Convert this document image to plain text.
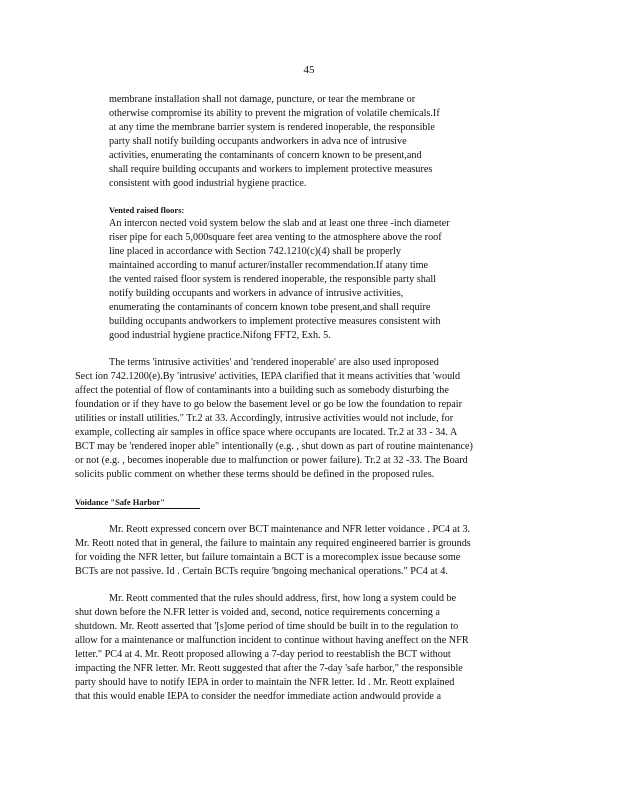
45
membrane installation shall not damage, puncture, or tear the membrane or
otherwise compromise its ability to prevent the migration of volatile chemicals.If
at any time the membrane barrier system is rendered inoperable, the responsible
party shall notify building occupants andworkers in adva nce of intrusive
activities, enumerating the contaminants of concern known to be present,and
shall require building occupants and workers to implement protective measures
consistent with good industrial hygiene practice.
Vented raised floors:
An intercon nected void system below the slab and at least one three -inch diameter
riser pipe for each 5,000square feet area venting to the atmosphere above the roof
line placed in accordance with Section 742.1210(c)(4) shall be properly
maintained according to manuf acturer/installer recommendation.If atany time
the vented raised floor system is rendered inoperable, the responsible party shall
notify building occupants and workers in advance of intrusive activities,
enumerating the contaminants of concern known tobe present,and shall require
building occupants andworkers to implement protective measures consistent with
good industrial hygiene practice.Nifong FFT2, Exh. 5.
The terms 'intrusive activities' and 'rendered inoperable' are also used inproposed
Sect ion 742.1200(e).By 'intrusive' activities, IEPA clarified that it means activities that 'would
affect the potential of flow of contaminants into a building such as somebody disturbing the
foundation or if they have to go below the basement level or go be low the foundation to repair
utilities or install utilities." Tr.2 at 33. Accordingly, intrusive activities would not include, for
example, collecting air samples in office space where occupants are located. Tr.2 at 33 - 34. A
BCT may be 'rendered inoper able" intentionally (e.g. , shut down as part of routine maintenance)
or not (e.g. , becomes inoperable due to malfunction or power failure). Tr.2 at 32 -33. The Board
solicits public comment on whether these terms should be defined in the proposed rules.
Voidance "Safe Harbor"
Mr. Reott expressed concern over BCT maintenance and NFR letter voidance . PC4 at 3.
Mr. Reott noted that in general, the failure to maintain any required engineered barrier is grounds
for voiding the NFR letter, but failure tomaintain a BCT is a morecomplex issue because some
BCTs are not passive. Id . Certain BCTs require 'bngoing mechanical operations." PC4 at 4.
Mr. Reott commented that the rules should address, first, how long a system could be
shut down before the N.FR letter is voided and, second, notice requirements concerning a
shutdown. Mr. Reott asserted that '[s]ome period of time should be built in to the regulation to
allow for a maintenance or malfunction incident to continue without having aneffect on the NFR
letter." PC4 at 4. Mr. Reott proposed allowing a 7-day period to reestablish the BCT without
impacting the NFR letter. Mr. Reott suggested that after the 7-day 'safe harbor," the responsible
party should have to notify IEPA in order to maintain the NFR letter. Id . Mr. Reott explained
that this would enable IEPA to consider the needfor immediate action andwould provide a
